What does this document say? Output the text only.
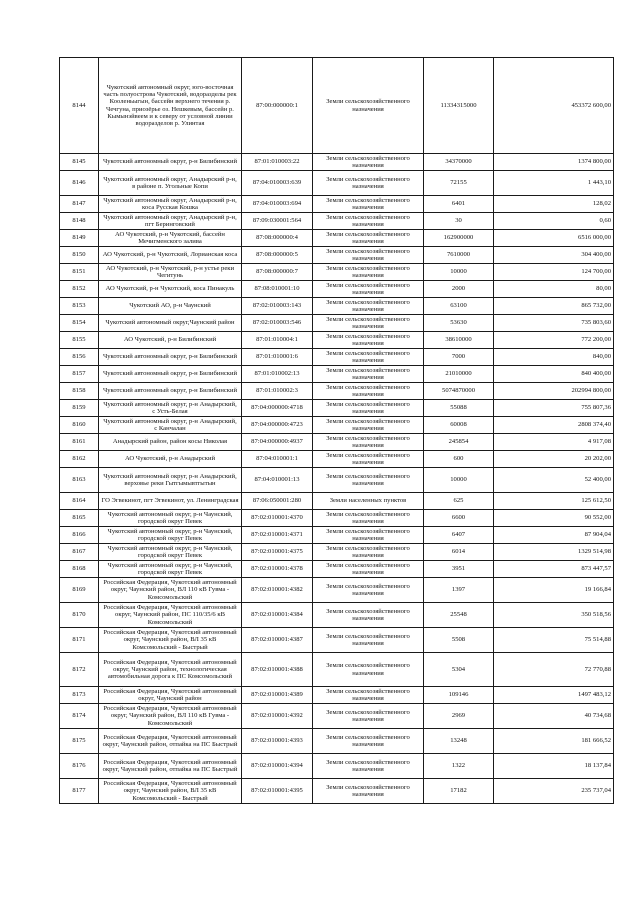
8144	Чукотский автономный округ, юго-восточная часть полуострова Чукотский, водоразделы рек Кооленьыгын, бассейн верхнего течения р. Чечгуна, приозёрье оз. Нешкевым, бассейн р. Кымынэйвеем и к северу от условной линии водоразделов р. Улинтая	87:00:000000:1	Земли сельскохозяйственного назначения	11334315000	453372 600,00
8145	Чукотский автономный округ, р-н Билибинский	87:01:010003:22	Земли сельскохозяйственного назначения	34370000	1374 800,00
8146	Чукотский автономный округ, Анадырский р-н, в районе п. Угольные Копи	87:04:010003:639	Земли сельскохозяйственного назначения	72155	1 443,10
8147	Чукотский автономный округ, Анадырский р-н, коса Русская Кошка	87:04:010003:694	Земли сельскохозяйственного назначения	6401	128,02
8148	Чукотский автономный округ, Анадырский р-н, пгт Беринговский	87:09:030001:564	Земли сельскохозяйственного назначения	30	0,60
8149	АО Чукотский, р-н Чукотский, бассейн Мечигменского залива	87:08:000000:4	Земли сельскохозяйственного назначения	162900000	6516 000,00
8150	АО Чукотский, р-н Чукотский, Лорианская коса	87:08:000000:5	Земли сельскохозяйственного назначения	7610000	304 400,00
8151	АО Чукотский, р-н Чукотский, р-н устье реки Чегитунь	87:08:000000:7	Земли сельскохозяйственного назначения	10000	124 700,00
8152	АО Чукотский, р-н Чукотский, коса Пинакуль	87:08:010001:10	Земли сельскохозяйственного назначения	2000	80,00
8153	Чукотский АО, р-н Чаунский	87:02:010003:143	Земли сельскохозяйственного назначения	63100	865 732,00
8154	Чукотский автономный округ,Чаунский район	87:02:010003:546	Земли сельскохозяйственного назначения	53630	735 803,60
8155	АО Чукотский, р-н Билибинский	87:01:010004:1	Земли сельскохозяйственного назначения	38610000	772 200,00
8156	Чукотский автономный округ, р-н Билибинский	87:01:010001:6	Земли сельскохозяйственного назначения	7000	840,00
8157	Чукотский автономный округ, р-н Билибинский	87:01:010002:13	Земли сельскохозяйственного назначения	21010000	840 400,00
8158	Чукотский автономный округ, р-н Билибинский	87:01:010002:3	Земли сельскохозяйственного назначения	5074870000	202994 800,00
8159	Чукотский автономный округ, р-н Анадырский, с Усть-Белая	87:04:000000:4718	Земли сельскохозяйственного назначения	55088	755 807,36
8160	Чукотский автономный округ, р-н Анадырский, с Канчалан	87:04:000000:4723	Земли сельскохозяйственного назначения	60008	2808 374,40
8161	Анадырский район, район косы Николая	87:04:000000:4937	Земли сельскохозяйственного назначения	245854	4 917,08
8162	АО Чукотский, р-н Анадырский	87:04:010001:1	Земли сельскохозяйственного назначения	600	20 202,00
8163	Чукотский автономный округ, р-н Анадырский, верховье реки Гытгымывтгытын	87:04:010001:13	Земли сельскохозяйственного назначения	10000	52 400,00
8164	ГО Эгвекинот, пгт Эгвекинот, ул. Ленинградская	87:06:050001:280	Земли населенных пунктов	625	125 612,50
8165	Чукотский автономный округ, р-н Чаунский, городской округ Певек	87:02:010001:4370	Земли сельскохозяйственного назначения	6600	90 552,00
8166	Чукотский автономный округ, р-н Чаунский, городской округ Певек	87:02:010001:4371	Земли сельскохозяйственного назначения	6407	87 904,04
8167	Чукотский автономный округ, р-н Чаунский, городской округ Певек	87:02:010001:4375	Земли сельскохозяйственного назначения	6014	1329 514,98
8168	Чукотский автономный округ, р-н Чаунский, городской округ Певек	87:02:010001:4378	Земли сельскохозяйственного назначения	3951	873 447,57
8169	Российская Федерация, Чукотский автономный округ, Чаунский район, ВЛ 110 кВ Гувма - Комсомольский	87:02:010001:4382	Земли сельскохозяйственного назначения	1397	19 166,84
8170	Российская Федерация, Чукотский автономный округ, Чаунский район, ПС 110/35/6 кВ Комсомольский	87:02:010001:4384	Земли сельскохозяйственного назначения	25548	350 518,56
8171	Российская Федерация, Чукотский автономный округ, Чаунский район, ВЛ 35 кВ Комсомольский - Быстрый	87:02:010001:4387	Земли сельскохозяйственного назначения	5508	75 514,88
8172	Российская Федерация, Чукотский автономный округ, Чаунский район, технологическая автомобильная дорога к ПС Комсомольский	87:02:010001:4388	Земли сельскохозяйственного назначения	5304	72 770,88
8173	Российская Федерация, Чукотский автономный округ, Чаунский район	87:02:010001:4389	Земли сельскохозяйственного назначения	109146	1497 483,12
8174	Российская Федерация, Чукотский автономный округ, Чаунский район, ВЛ 110 кВ Гувма - Комсомольский	87:02:010001:4392	Земли сельскохозяйственного назначения	2969	40 734,68
8175	Российская Федерация, Чукотский автономный округ, Чаунский район, отпайка на ПС Быстрый	87:02:010001:4393	Земли сельскохозяйственного назначения	13248	181 666,52
8176	Российская Федерация, Чукотский автономный округ, Чаунский район, отпайка на ПС Быстрый	87:02:010001:4394	Земли сельскохозяйственного назначения	1322	18 137,84
8177	Российская Федерация, Чукотский автономный округ, Чаунский район, ВЛ 35 кВ Комсомольский - Быстрый	87:02:010001:4395	Земли сельскохозяйственного назначения	17182	235 737,04
